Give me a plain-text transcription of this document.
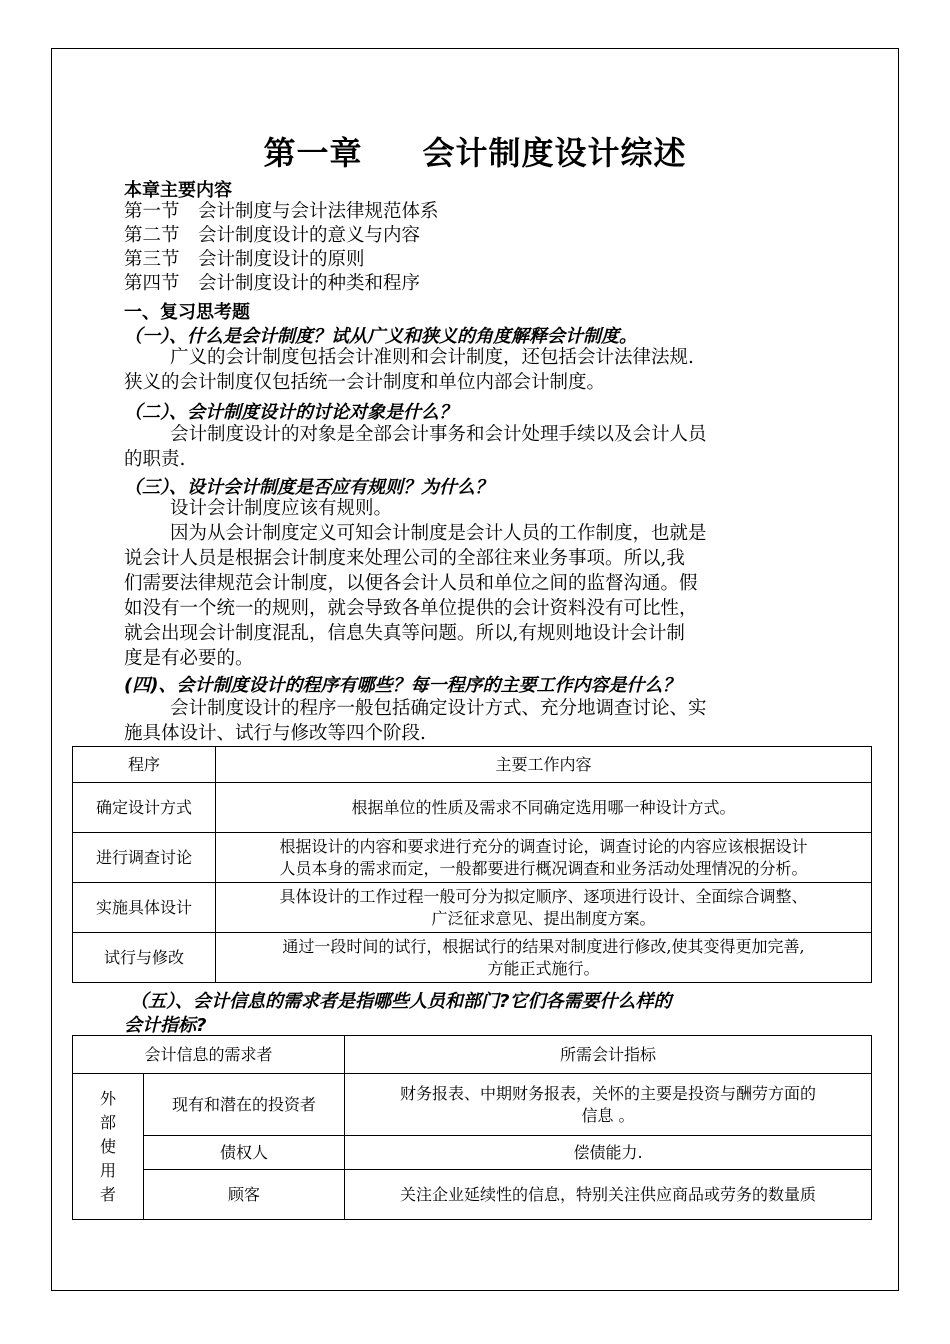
第一章 会计制度设计综述
本章主要内容
第一节　会计制度与会计法律规范体系
第二节　会计制度设计的意义与内容
第三节　会计制度设计的原则
第四节　会计制度设计的种类和程序
一、复习思考题
（一）、什么是会计制度？试从广义和狭义的角度解释会计制度。
广义的会计制度包括会计准则和会计制度，还包括会计法律法规.
狭义的会计制度仅包括统一会计制度和单位内部会计制度。
（二）、会计制度设计的讨论对象是什么？
会计制度设计的对象是全部会计事务和会计处理手续以及会计人员
的职责.
（三）、设计会计制度是否应有规则？为什么？
设计会计制度应该有规则。
因为从会计制度定义可知会计制度是会计人员的工作制度，也就是
说会计人员是根据会计制度来处理公司的全部往来业务事项。所以,我
们需要法律规范会计制度，以便各会计人员和单位之间的监督沟通。假
如没有一个统一的规则，就会导致各单位提供的会计资料没有可比性，
就会出现会计制度混乱，信息失真等问题。所以,有规则地设计会计制
度是有必要的。
(四)、会计制度设计的程序有哪些？每一程序的主要工作内容是什么？
会计制度设计的程序一般包括确定设计方式、充分地调查讨论、实
施具体设计、试行与修改等四个阶段.
程序	主要工作内容
确定设计方式	根据单位的性质及需求不同确定选用哪一种设计方式。
进行调查讨论	根据设计的内容和要求进行充分的调查讨论，调查讨论的内容应该根据设计
人员本身的需求而定，一般都要进行概况调查和业务活动处理情况的分析。
实施具体设计	具体设计的工作过程一般可分为拟定顺序、逐项进行设计、全面综合调整、
广泛征求意见、提出制度方案。
试行与修改	通过一段时间的试行，根据试行的结果对制度进行修改,使其变得更加完善,
方能正式施行。
（五）、会计信息的需求者是指哪些人员和部门?它们各需要什么样的
会计指标?
会计信息的需求者		所需会计指标
外部使用者	现有和潜在的投资者	财务报表、中期财务报表，关怀的主要是投资与酬劳方面的
信息 。
	债权人	偿债能力.
	顾客	关注企业延续性的信息，特别关注供应商品或劳务的数量质
